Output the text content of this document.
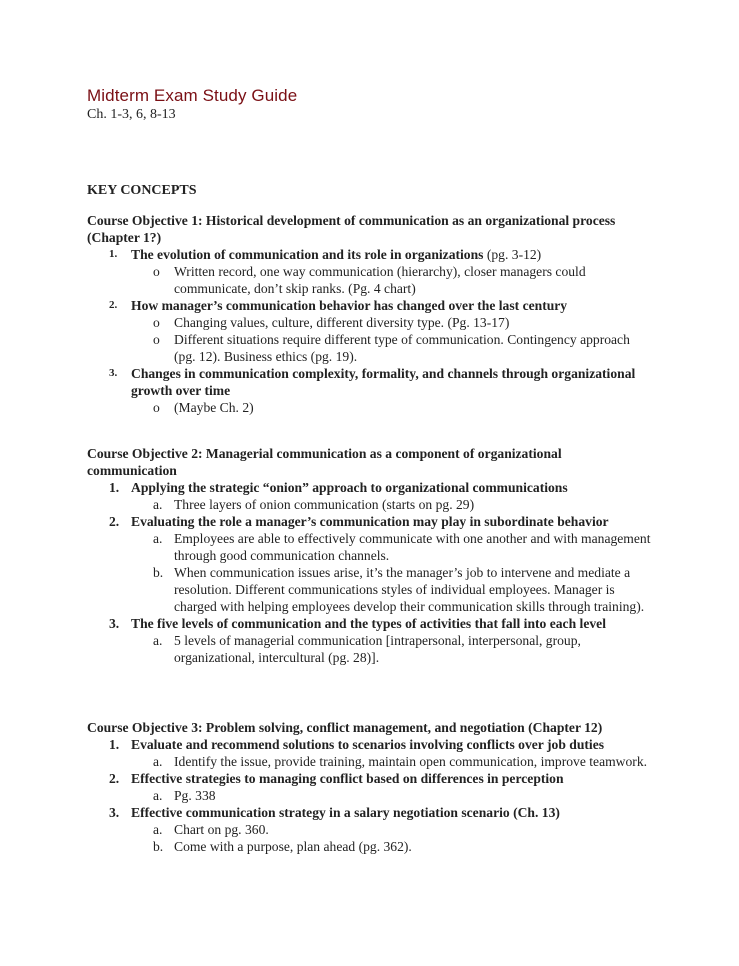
Midterm Exam Study Guide
Ch. 1-3, 6, 8-13
KEY CONCEPTS
Course Objective 1: Historical development of communication as an organizational process (Chapter 1?)
1. The evolution of communication and its role in organizations (pg. 3-12)
o Written record, one way communication (hierarchy), closer managers could communicate, don’t skip ranks. (Pg. 4 chart)
2. How manager’s communication behavior has changed over the last century
o Changing values, culture, different diversity type. (Pg. 13-17)
o Different situations require different type of communication. Contingency approach (pg. 12). Business ethics (pg. 19).
3. Changes in communication complexity, formality, and channels through organizational growth over time
o (Maybe Ch. 2)
Course Objective 2: Managerial communication as a component of organizational communication
1. Applying the strategic “onion” approach to organizational communications
a. Three layers of onion communication (starts on pg. 29)
2. Evaluating the role a manager’s communication may play in subordinate behavior
a. Employees are able to effectively communicate with one another and with management through good communication channels.
b. When communication issues arise, it’s the manager’s job to intervene and mediate a resolution. Different communications styles of individual employees. Manager is charged with helping employees develop their communication skills through training).
3. The five levels of communication and the types of activities that fall into each level
a. 5 levels of managerial communication [intrapersonal, interpersonal, group, organizational, intercultural (pg. 28)].
Course Objective 3: Problem solving, conflict management, and negotiation (Chapter 12)
1. Evaluate and recommend solutions to scenarios involving conflicts over job duties
a. Identify the issue, provide training, maintain open communication, improve teamwork.
2. Effective strategies to managing conflict based on differences in perception
a. Pg. 338
3. Effective communication strategy in a salary negotiation scenario (Ch. 13)
a. Chart on pg. 360.
b. Come with a purpose, plan ahead (pg. 362).
